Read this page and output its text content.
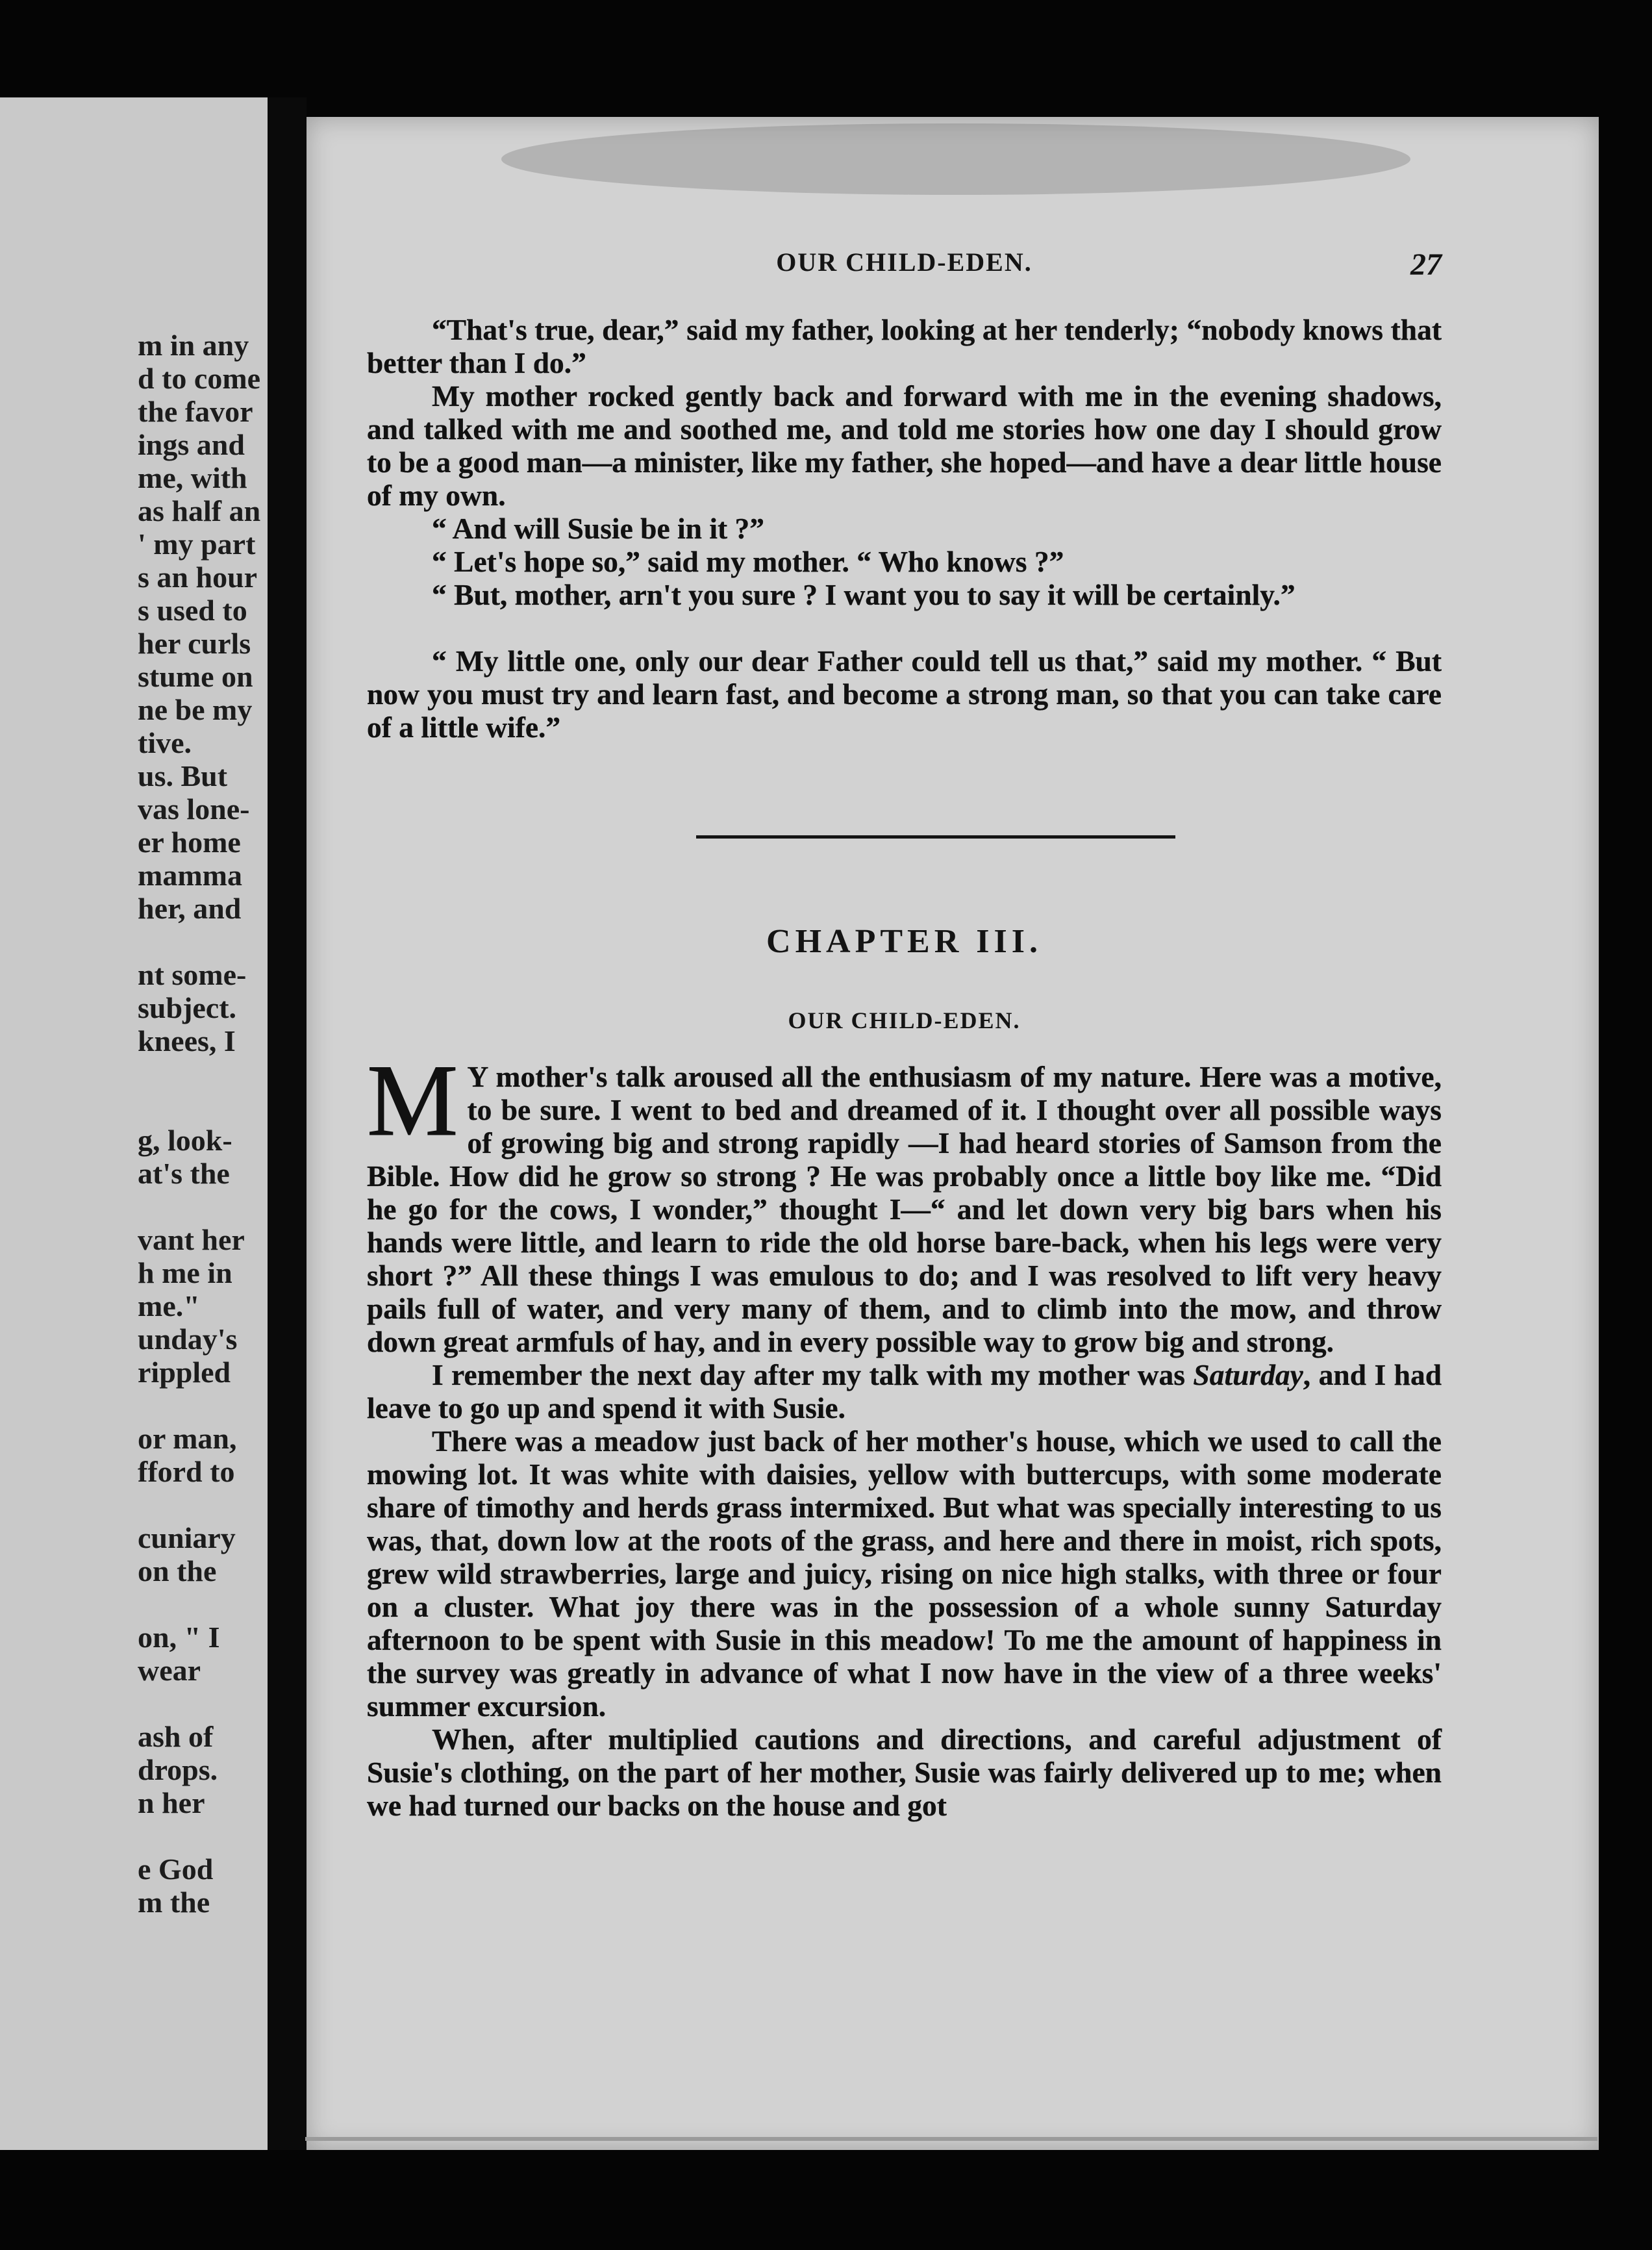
m in any
d to come
the favor
ings and
me, with
as half an
' my part
s an hour
s used to
her curls
stume on
ne be my
tive.
us. But
vas lone-
er home
mamma
her, and
nt some-
subject.
knees, I
g, look-
at's the
vant her
h me in
me."
unday's
rippled
or man,
fford to
cuniary
on the
on, " I
wear
ash of
drops.
n her
e God
m the
OUR CHILD-EDEN.	27
“That's true, dear,” said my father, looking at her tenderly; “nobody knows that better than I do.”
My mother rocked gently back and forward with me in the evening shadows, and talked with me and soothed me, and told me stories how one day I should grow to be a good man—a minister, like my father, she hoped—and have a dear little house of my own.
“ And will Susie be in it ?”
“ Let's hope so,” said my mother. “ Who knows ?”
“ But, mother, arn't you sure ? I want you to say it will be certainly.”
“ My little one, only our dear Father could tell us that,” said my mother. “ But now you must try and learn fast, and become a strong man, so that you can take care of a little wife.”
CHAPTER III.
OUR CHILD-EDEN.
M Y mother's talk aroused all the enthusiasm of my nature. Here was a motive, to be sure. I went to bed and dreamed of it. I thought over all possible ways of growing big and strong rapidly —I had heard stories of Samson from the Bible. How did he grow so strong ? He was probably once a little boy like me. “Did he go for the cows, I wonder,” thought I—“ and let down very big bars when his hands were little, and learn to ride the old horse bare-back, when his legs were very short ?” All these things I was emulous to do; and I was resolved to lift very heavy pails full of water, and very many of them, and to climb into the mow, and throw down great armfuls of hay, and in every possible way to grow big and strong.
I remember the next day after my talk with my mother was Saturday, and I had leave to go up and spend it with Susie.
There was a meadow just back of her mother's house, which we used to call the mowing lot. It was white with daisies, yellow with buttercups, with some moderate share of timothy and herds grass intermixed. But what was specially interesting to us was, that, down low at the roots of the grass, and here and there in moist, rich spots, grew wild strawberries, large and juicy, rising on nice high stalks, with three or four on a cluster. What joy there was in the possession of a whole sunny Saturday afternoon to be spent with Susie in this meadow! To me the amount of happiness in the survey was greatly in advance of what I now have in the view of a three weeks' summer excursion.
When, after multiplied cautions and directions, and careful adjustment of Susie's clothing, on the part of her mother, Susie was fairly delivered up to me; when we had turned our backs on the house and got
